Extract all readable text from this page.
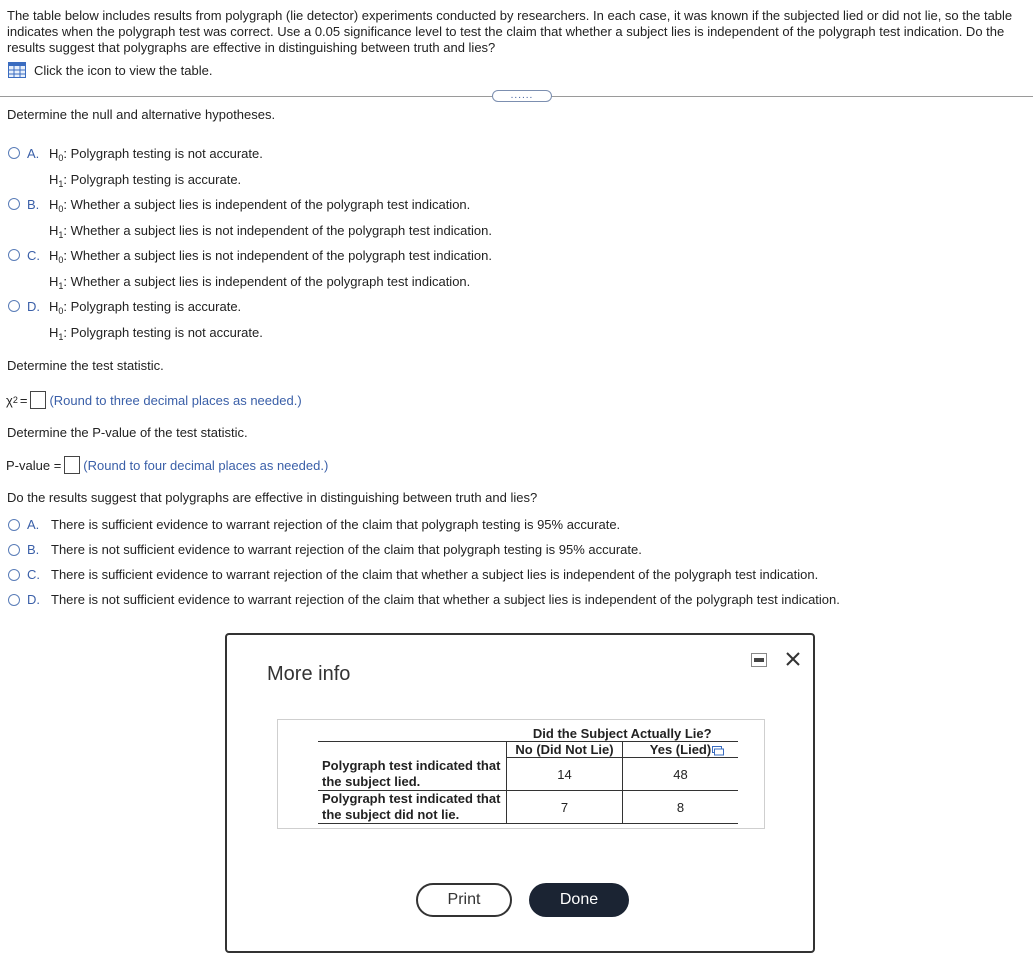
The table below includes results from polygraph (lie detector) experiments conducted by researchers. In each case, it was known if the subjected lied or did not lie, so the table indicates when the polygraph test was correct. Use a 0.05 significance level to test the claim that whether a subject lies is independent of the polygraph test indication. Do the results suggest that polygraphs are effective in distinguishing between truth and lies?
Click the icon to view the table.
......
Determine the null and alternative hypotheses.
A. $H_0$: Polygraph testing is not accurate.
$H_1$: Polygraph testing is accurate.
B. $H_0$: Whether a subject lies is independent of the polygraph test indication.
$H_1$: Whether a subject lies is not independent of the polygraph test indication.
C. $H_0$: Whether a subject lies is not independent of the polygraph test indication.
$H_1$: Whether a subject lies is independent of the polygraph test indication.
D. $H_0$: Polygraph testing is accurate.
$H_1$: Polygraph testing is not accurate.
Determine the test statistic.
χ 2 = (Round to three decimal places as needed.)
Determine the P-value of the test statistic.
P-value = (Round to four decimal places as needed.)
Do the results suggest that polygraphs are effective in distinguishing between truth and lies?
A. There is sufficient evidence to warrant rejection of the claim that polygraph testing is 95% accurate.
B. There is not sufficient evidence to warrant rejection of the claim that polygraph testing is 95% accurate.
C. There is sufficient evidence to warrant rejection of the claim that whether a subject lies is independent of the polygraph test indication.
D. There is not sufficient evidence to warrant rejection of the claim that whether a subject lies is independent of the polygraph test indication.
More info
	Did the Subject Actually Lie?	
	No (Did Not Lie)	Yes (Lied)
Polygraph test indicated that the subject lied.	14	48
Polygraph test indicated that the subject did not lie.	7	8
Print	Done
